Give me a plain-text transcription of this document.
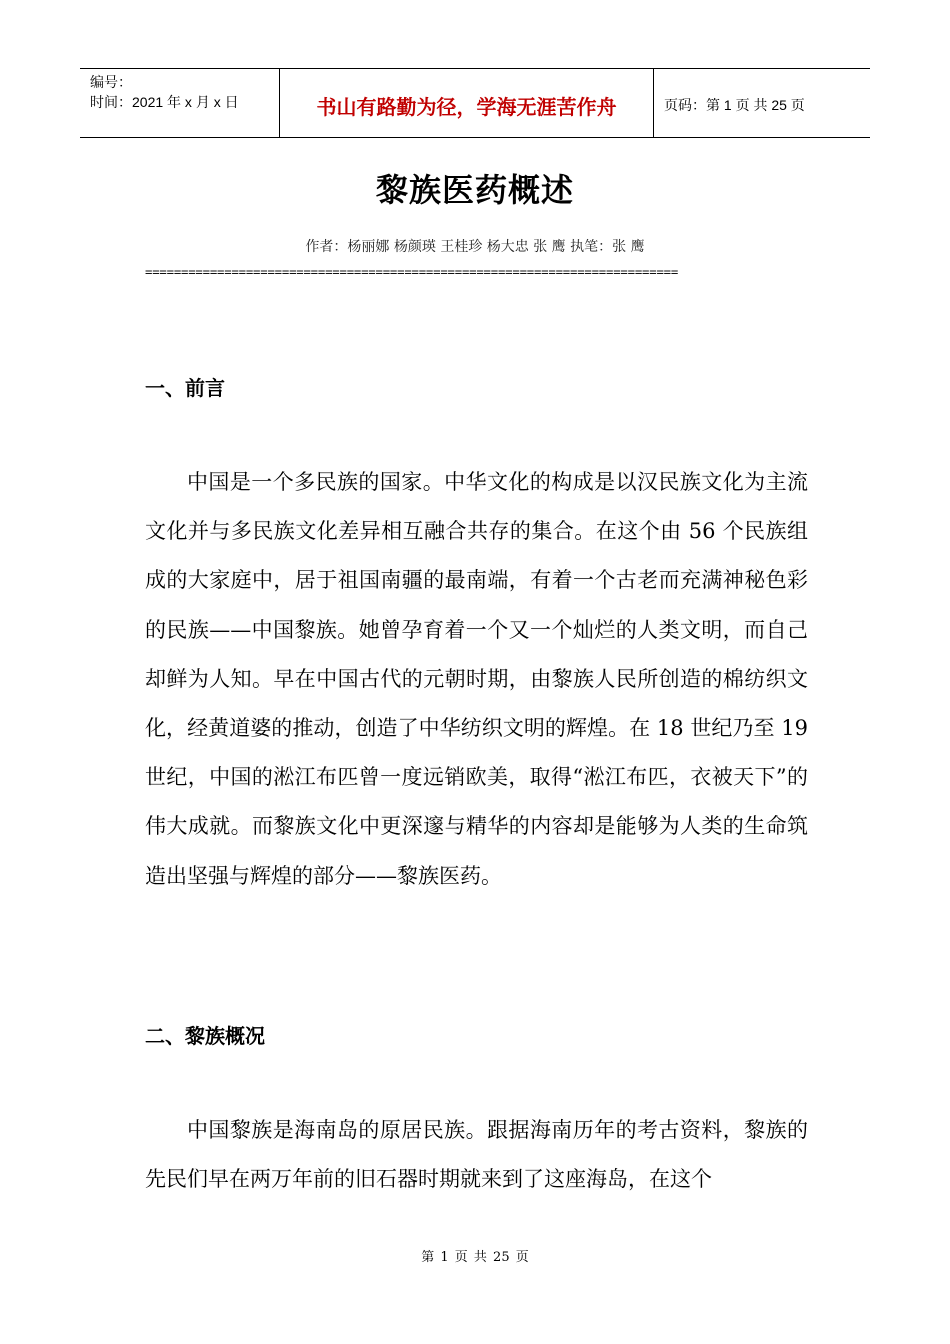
编号：
时间：2021 年 x 月 x 日	书山有路勤为径，学海无涯苦作舟	页码：第 1 页 共 25 页
黎族医药概述
作者：杨丽娜 杨颜瑛 王桂珍 杨大忠 张 鹰 执笔：张 鹰
==========================================================================
一、前言
中国是一个多民族的国家。中华文化的构成是以汉民族文化为主流文化并与多民族文化差异相互融合共存的集合。在这个由 56 个民族组成的大家庭中，居于祖国南疆的最南端，有着一个古老而充满神秘色彩的民族——中国黎族。她曾孕育着一个又一个灿烂的人类文明，而自己却鲜为人知。早在中国古代的元朝时期，由黎族人民所创造的棉纺织文化，经黄道婆的推动，创造了中华纺织文明的辉煌。在 18 世纪乃至 19 世纪，中国的淞江布匹曾一度远销欧美，取得“淞江布匹，衣被天下”的伟大成就。而黎族文化中更深邃与精华的内容却是能够为人类的生命筑造出坚强与辉煌的部分——黎族医药。
二、黎族概况
中国黎族是海南岛的原居民族。跟据海南历年的考古资料，黎族的先民们早在两万年前的旧石器时期就来到了这座海岛，在这个
第 1 页 共 25 页
